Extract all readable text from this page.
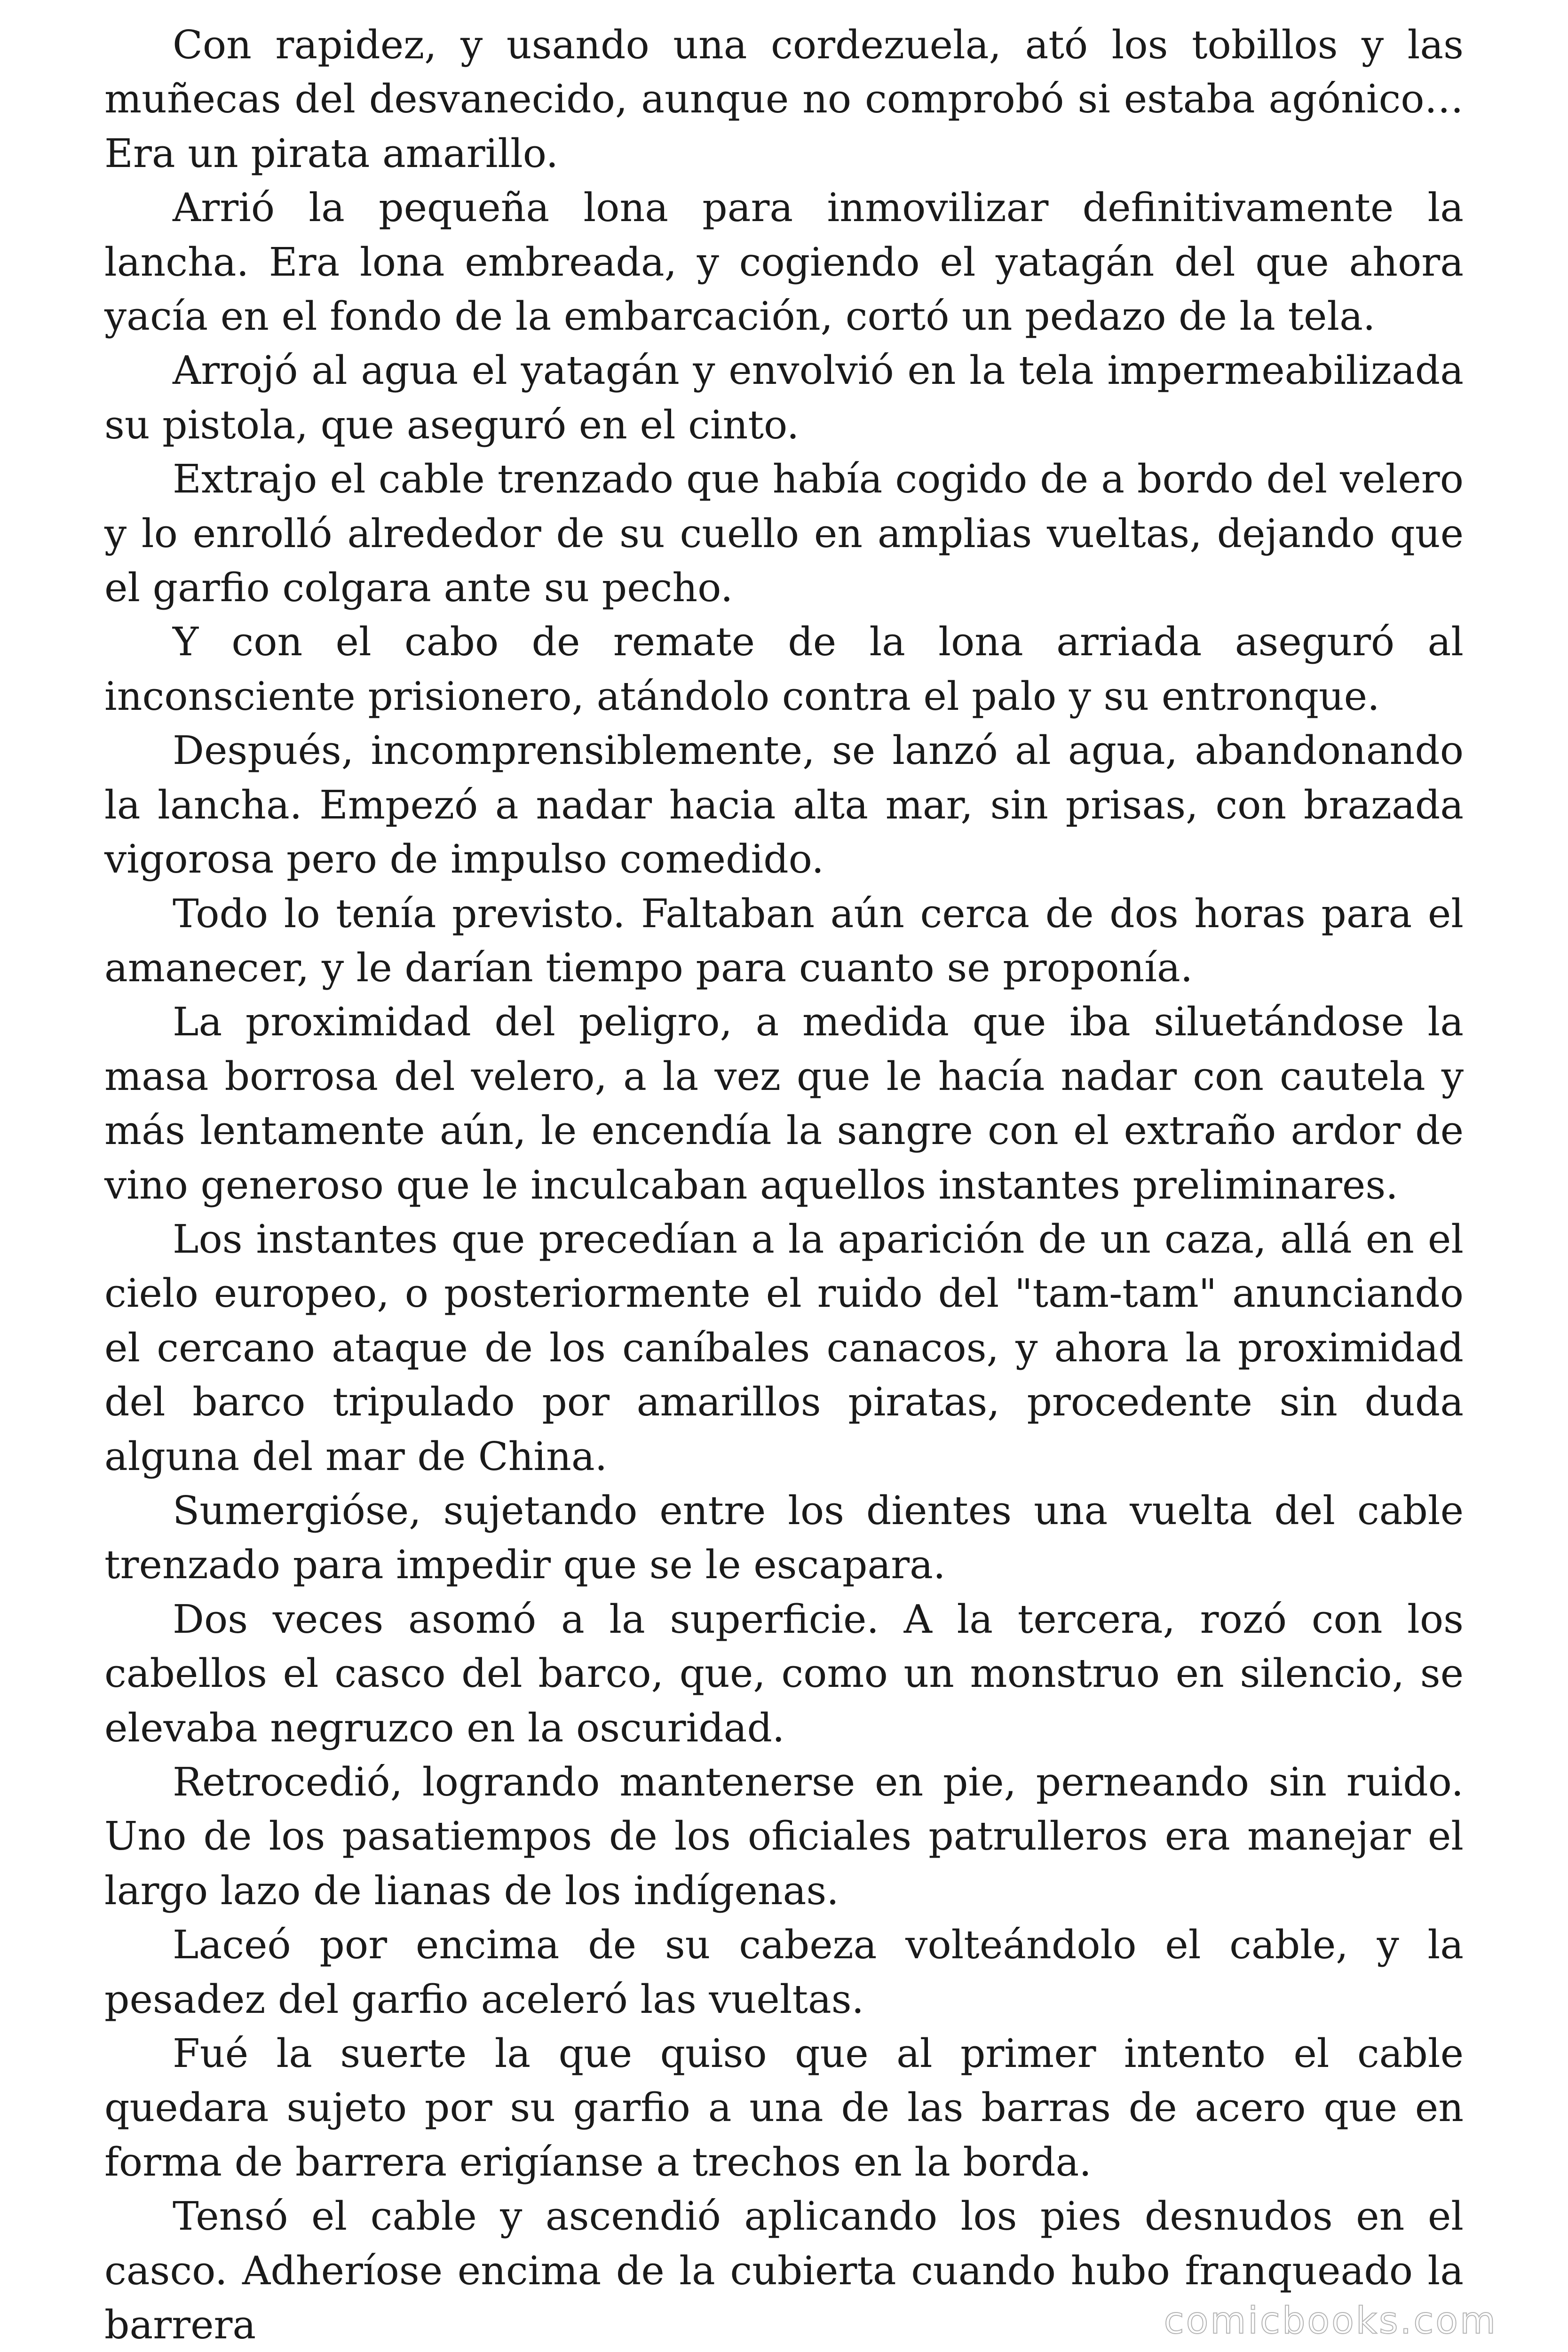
Con rapidez, y usando una cordezuela, ató los tobillos y las muñecas del desvanecido, aunque no comprobó si estaba agónico… Era un pirata amarillo.

Arrió la pequeña lona para inmovilizar definitivamente la lancha. Era lona embreada, y cogiendo el yatagán del que ahora yacía en el fondo de la embarcación, cortó un pedazo de la tela.

Arrojó al agua el yatagán y envolvió en la tela impermeabilizada su pistola, que aseguró en el cinto.

Extrajo el cable trenzado que había cogido de a bordo del velero y lo enrolló alrededor de su cuello en amplias vueltas, dejando que el garfio colgara ante su pecho.

Y con el cabo de remate de la lona arriada aseguró al inconsciente prisionero, atándolo contra el palo y su entronque.

Después, incomprensiblemente, se lanzó al agua, abandonando la lancha. Empezó a nadar hacia alta mar, sin prisas, con brazada vigorosa pero de impulso comedido.

Todo lo tenía previsto. Faltaban aún cerca de dos horas para el amanecer, y le darían tiempo para cuanto se proponía.

La proximidad del peligro, a medida que iba siluetándose la masa borrosa del velero, a la vez que le hacía nadar con cautela y más lentamente aún, le encendía la sangre con el extraño ardor de vino generoso que le inculcaban aquellos instantes preliminares.

Los instantes que precedían a la aparición de un caza, allá en el cielo europeo, o posteriormente el ruido del "tam-tam" anunciando el cercano ataque de los caníbales canacos, y ahora la proximidad del barco tripulado por amarillos piratas, procedente sin duda alguna del mar de China.

Sumergióse, sujetando entre los dientes una vuelta del cable trenzado para impedir que se le escapara.

Dos veces asomó a la superficie. A la tercera, rozó con los cabellos el casco del barco, que, como un monstruo en silencio, se elevaba negruzco en la oscuridad.

Retrocedió, logrando mantenerse en pie, perneando sin ruido. Uno de los pasatiempos de los oficiales patrulleros era manejar el largo lazo de lianas de los indígenas.

Laceó por encima de su cabeza volteándolo el cable, y la pesadez del garfio aceleró las vueltas.

Fué la suerte la que quiso que al primer intento el cable quedara sujeto por su garfio a una de las barras de acero que en forma de barrera erigíanse a trechos en la borda.

Tensó el cable y ascendió aplicando los pies desnudos en el casco. Adheríose encima de la cubierta cuando hubo franqueado la barrera	comicbooks.com
